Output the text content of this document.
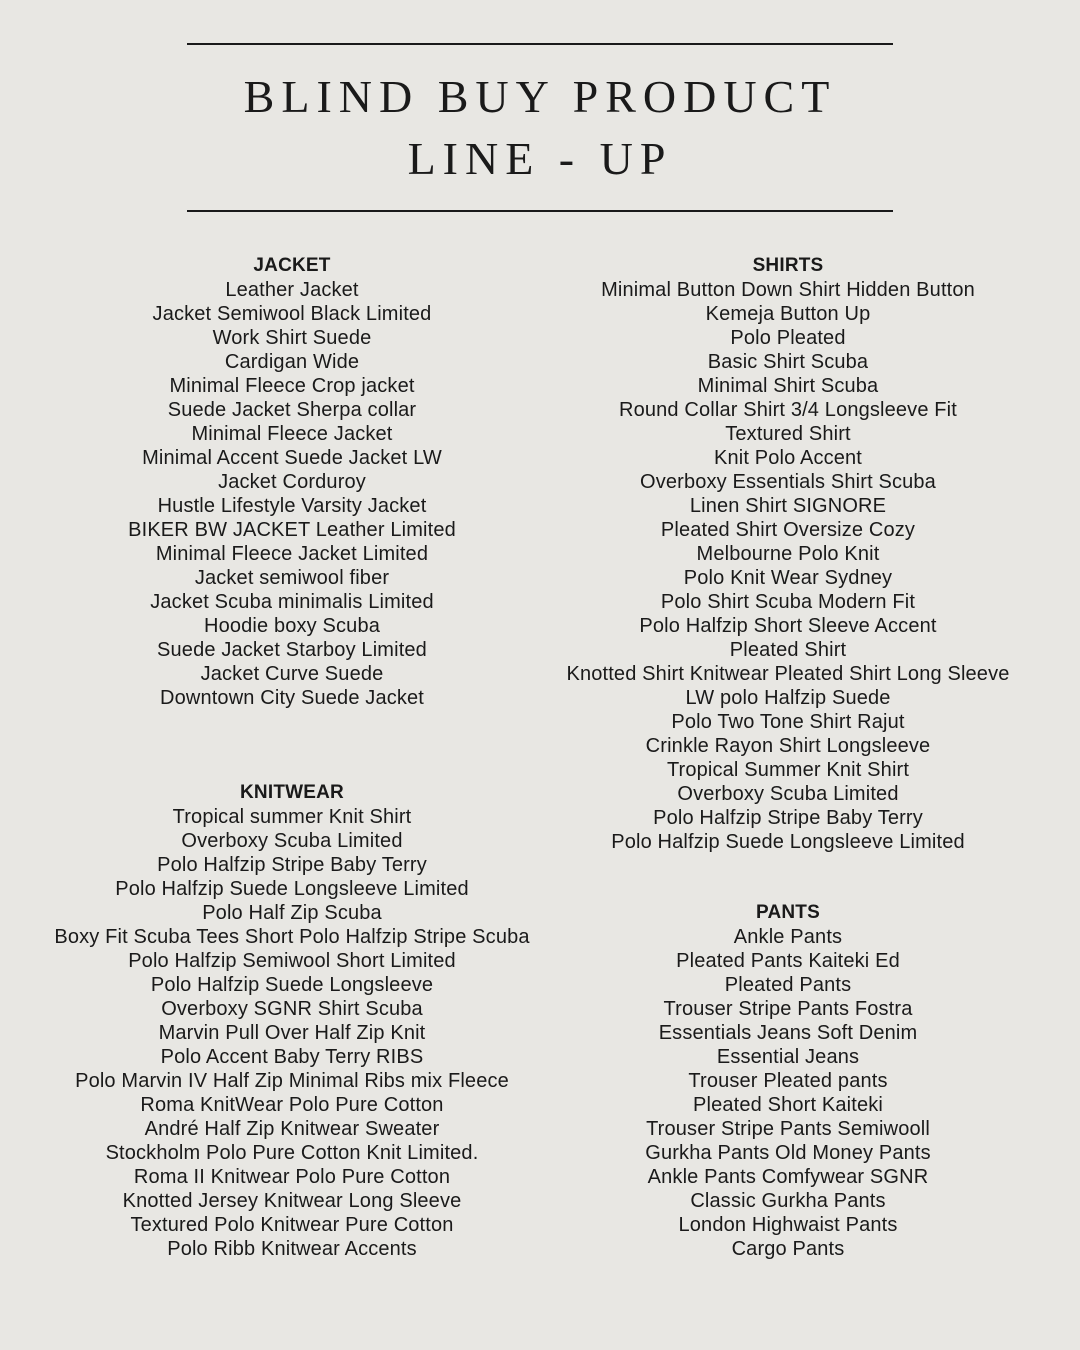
BLIND BUY PRODUCT
LINE - UP
JACKET
Leather Jacket
Jacket Semiwool Black Limited
Work Shirt Suede
Cardigan Wide
Minimal Fleece Crop jacket
Suede Jacket Sherpa collar
Minimal Fleece Jacket
Minimal Accent Suede Jacket LW
Jacket Corduroy
Hustle Lifestyle Varsity Jacket
BIKER BW JACKET Leather Limited
Minimal Fleece Jacket Limited
Jacket semiwool fiber
Jacket Scuba minimalis Limited
Hoodie boxy Scuba
Suede Jacket Starboy Limited
Jacket Curve Suede
Downtown City Suede Jacket
KNITWEAR
Tropical summer Knit Shirt
Overboxy Scuba Limited
Polo Halfzip Stripe Baby Terry
Polo Halfzip Suede Longsleeve Limited
Polo Half Zip Scuba
Boxy Fit Scuba Tees Short Polo Halfzip Stripe Scuba
Polo Halfzip Semiwool Short Limited
Polo Halfzip Suede Longsleeve
Overboxy SGNR Shirt Scuba
Marvin Pull Over Half Zip Knit
Polo Accent Baby Terry RIBS
Polo Marvin IV Half Zip Minimal Ribs mix Fleece
Roma KnitWear Polo Pure Cotton
André Half Zip Knitwear Sweater
Stockholm Polo Pure Cotton Knit Limited.
Roma II Knitwear Polo Pure Cotton
Knotted Jersey Knitwear Long Sleeve
Textured Polo Knitwear Pure Cotton
Polo Ribb Knitwear Accents
SHIRTS
Minimal Button Down Shirt Hidden Button
Kemeja Button Up
Polo Pleated
Basic Shirt Scuba
Minimal Shirt Scuba
Round Collar Shirt 3/4 Longsleeve Fit
Textured Shirt
Knit Polo Accent
Overboxy Essentials Shirt Scuba
Linen Shirt SIGNORE
Pleated Shirt Oversize Cozy
Melbourne Polo Knit
Polo Knit Wear Sydney
Polo Shirt Scuba Modern Fit
Polo Halfzip Short Sleeve Accent
Pleated Shirt
Knotted Shirt Knitwear Pleated Shirt Long Sleeve
LW polo Halfzip Suede
Polo Two Tone Shirt Rajut
Crinkle Rayon Shirt Longsleeve
Tropical Summer Knit Shirt
Overboxy Scuba Limited
Polo Halfzip Stripe Baby Terry
Polo Halfzip Suede Longsleeve Limited
PANTS
Ankle Pants
Pleated Pants Kaiteki Ed
Pleated Pants
Trouser Stripe Pants Fostra
Essentials Jeans Soft Denim
Essential Jeans
Trouser Pleated pants
Pleated Short Kaiteki
Trouser Stripe Pants Semiwooll
Gurkha Pants Old Money Pants
Ankle Pants Comfywear SGNR
Classic Gurkha Pants
London Highwaist Pants
Cargo Pants
